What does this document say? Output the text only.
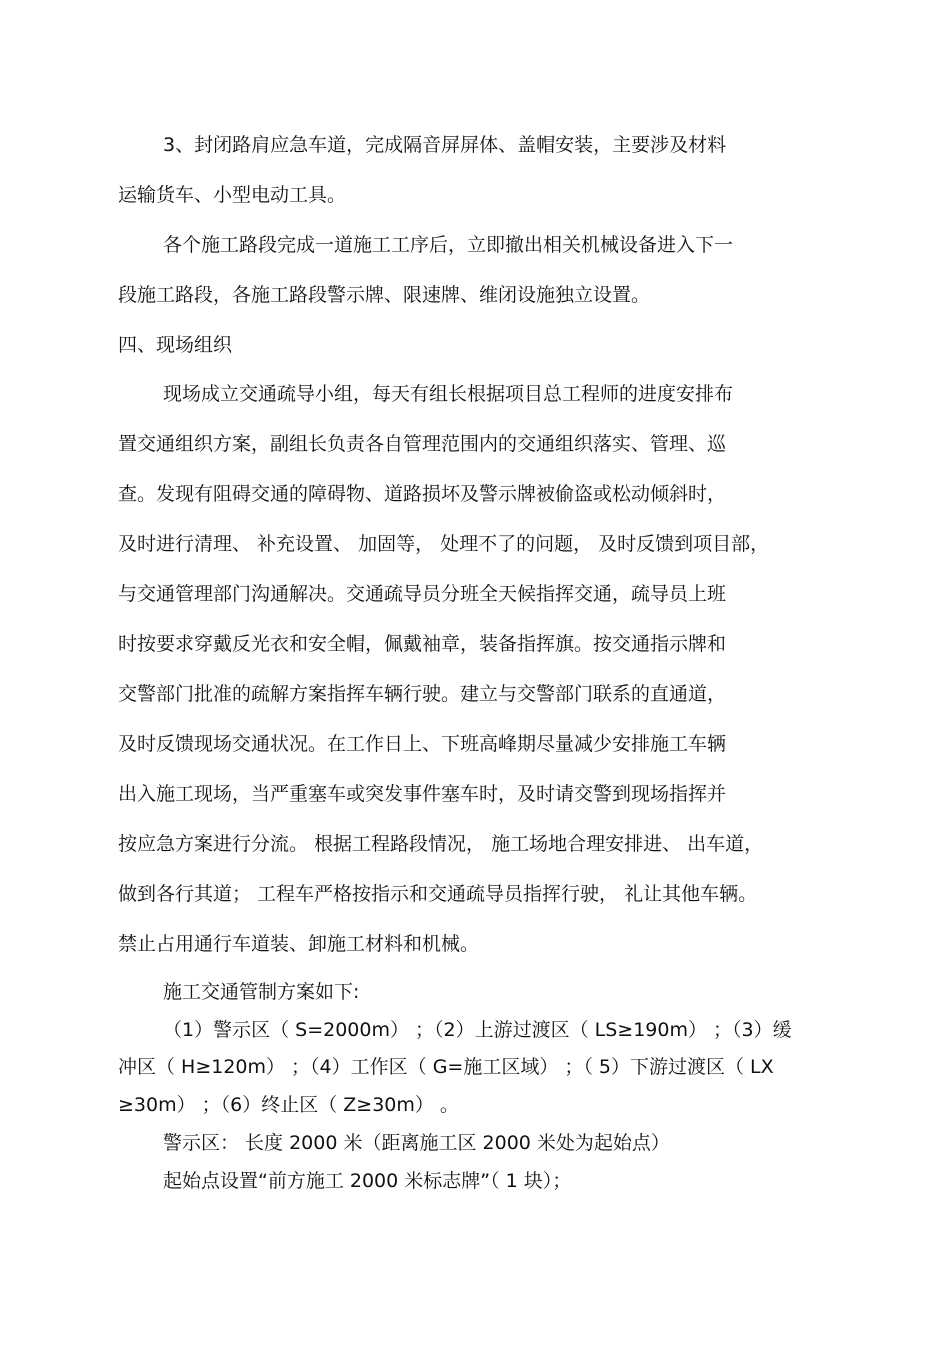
3、封闭路肩应急车道，完成隔音屏屏体、盖帽安装，主要涉及材料
运输货车、小型电动工具。
各个施工路段完成一道施工工序后，立即撤出相关机械设备进入下一
段施工路段，各施工路段警示牌、限速牌、维闭设施独立设置。
四、现场组织
现场成立交通疏导小组，每天有组长根据项目总工程师的进度安排布
置交通组织方案，副组长负责各自管理范围内的交通组织落实、管理、巡
查。发现有阻碍交通的障碍物、道路损坏及警示牌被偷盗或松动倾斜时，
及时进行清理、 补充设置、 加固等， 处理不了的问题， 及时反馈到项目部，
与交通管理部门沟通解决。交通疏导员分班全天候指挥交通，疏导员上班
时按要求穿戴反光衣和安全帽，佩戴袖章，装备指挥旗。按交通指示牌和
交警部门批准的疏解方案指挥车辆行驶。建立与交警部门联系的直通道，
及时反馈现场交通状况。在工作日上、下班高峰期尽量减少安排施工车辆
出入施工现场，当严重塞车或突发事件塞车时，及时请交警到现场指挥并
按应急方案进行分流。 根据工程路段情况， 施工场地合理安排进、 出车道，
做到各行其道； 工程车严格按指示和交通疏导员指挥行驶， 礼让其他车辆。
禁止占用通行车道装、卸施工材料和机械。
施工交通管制方案如下:
（1）警示区（ S=2000m） ；（2）上游过渡区（ LS≥190m） ；（3）缓
冲区（ H≥120m） ；（4）工作区（ G=施工区域） ；（ 5）下游过渡区（ LX
≥30m） ；（6）终止区（ Z≥30m） 。
警示区： 长度 2000 米（距离施工区 2000 米处为起始点）
起始点设置“前方施工 2000 米标志牌”（ 1 块）；
